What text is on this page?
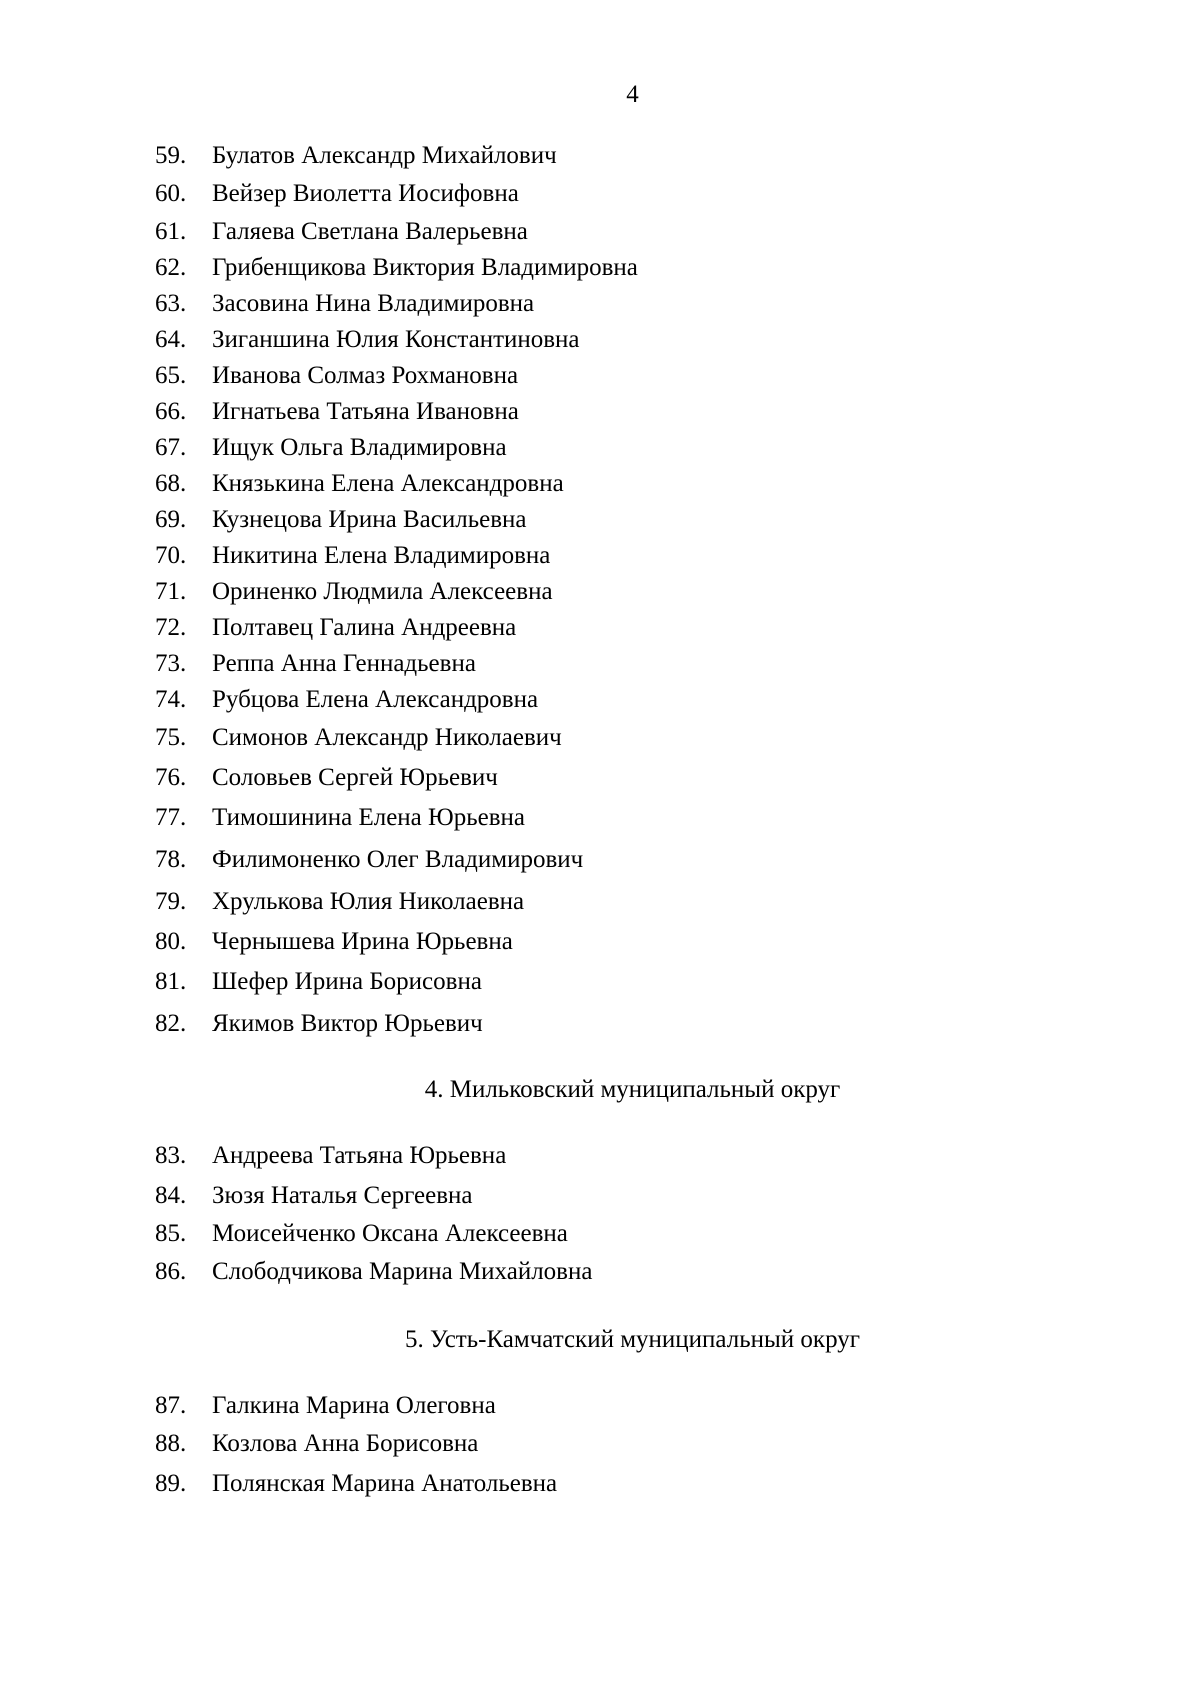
4
59. Булатов Александр Михайлович
60. Вейзер Виолетта Иосифовна
61. Галяева Светлана Валерьевна
62. Грибенщикова Виктория Владимировна
63. Засовина Нина Владимировна
64. Зиганшина Юлия Константиновна
65. Иванова Солмаз Рохмановна
66. Игнатьева Татьяна Ивановна
67. Ищук Ольга Владимировна
68. Князькина Елена Александровна
69. Кузнецова Ирина Васильевна
70. Никитина Елена Владимировна
71. Ориненко Людмила Алексеевна
72. Полтавец Галина Андреевна
73. Реппа Анна Геннадьевна
74. Рубцова Елена Александровна
75. Симонов Александр Николаевич
76. Соловьев Сергей Юрьевич
77. Тимошинина Елена Юрьевна
78. Филимоненко Олег Владимирович
79. Хрулькова Юлия Николаевна
80. Чернышева Ирина Юрьевна
81. Шефер Ирина Борисовна
82. Якимов Виктор Юрьевич
4. Мильковский муниципальный округ
83. Андреева Татьяна Юрьевна
84. Зюзя Наталья Сергеевна
85. Моисейченко Оксана Алексеевна
86. Слободчикова Марина Михайловна
5. Усть-Камчатский муниципальный округ
87. Галкина Марина Олеговна
88. Козлова Анна Борисовна
89. Полянская Марина Анатольевна
